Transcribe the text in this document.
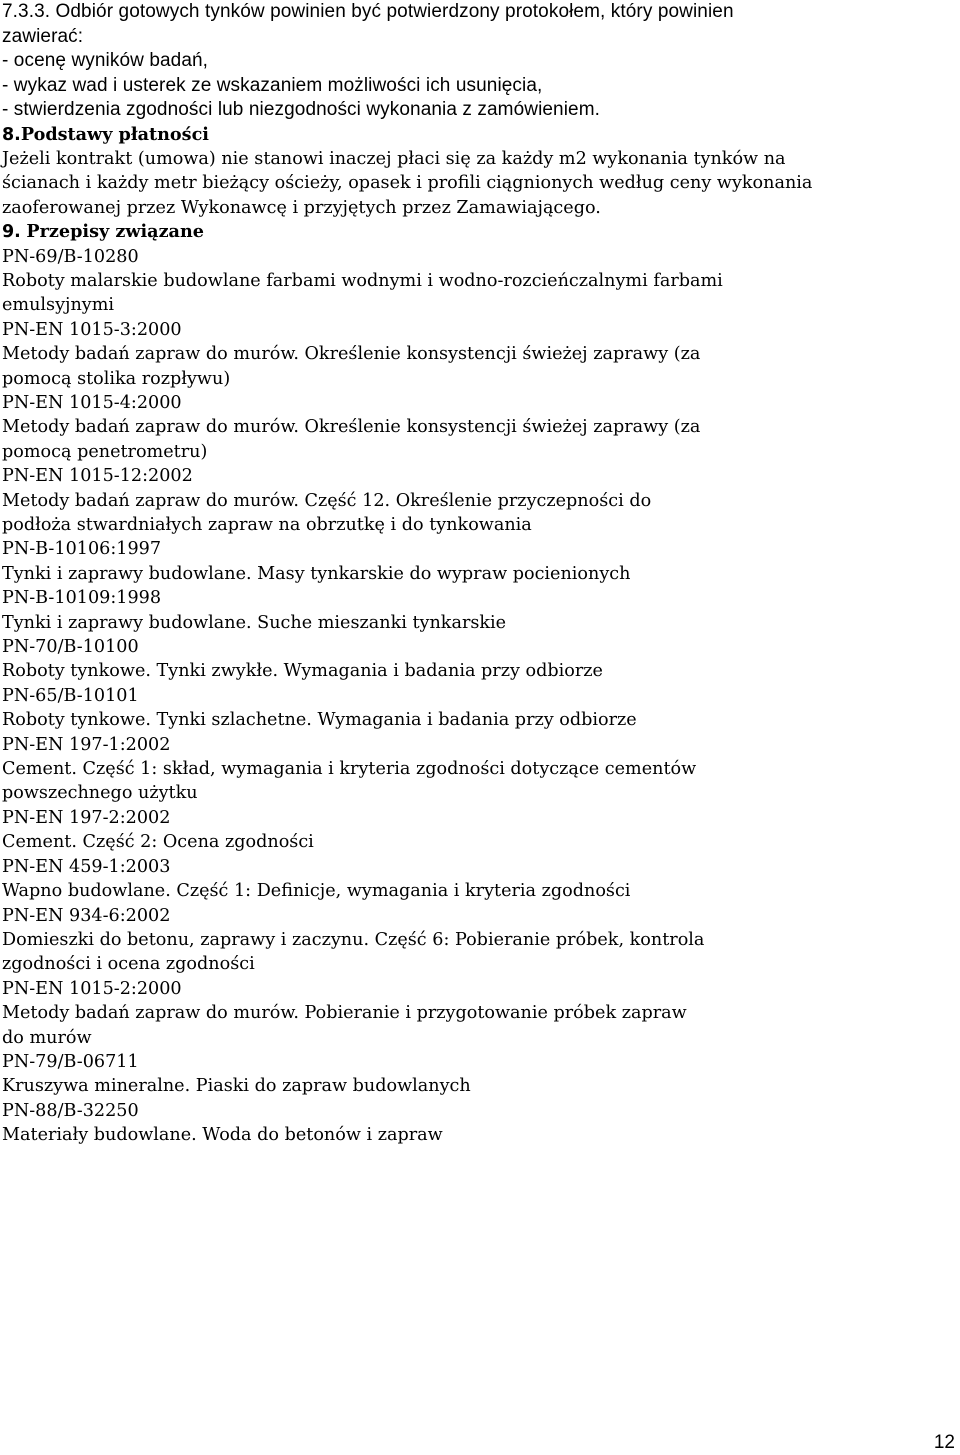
7.3.3. Odbiór gotowych tynków powinien być potwierdzony protokołem, który powinien
zawierać:
- ocenę wyników badań,
- wykaz wad i usterek ze wskazaniem możliwości ich usunięcia,
- stwierdzenia zgodności lub niezgodności wykonania z zamówieniem.
8.Podstawy płatności
Jeżeli kontrakt (umowa) nie stanowi inaczej płaci się za każdy m2 wykonania tynków na
ścianach i każdy metr bieżący ościeży, opasek i profili ciągnionych według ceny wykonania
zaoferowanej przez Wykonawcę i przyjętych przez Zamawiającego.
9. Przepisy związane
PN-69/B-10280
Roboty malarskie budowlane farbami wodnymi i wodno-rozcieńczalnymi farbami
emulsyjnymi
PN-EN 1015-3:2000
Metody badań zapraw do murów. Określenie konsystencji świeżej zaprawy (za
pomocą stolika rozpływu)
PN-EN 1015-4:2000
Metody badań zapraw do murów. Określenie konsystencji świeżej zaprawy (za
pomocą penetrometru)
PN-EN 1015-12:2002
Metody badań zapraw do murów. Część 12. Określenie przyczepności do
podłoża stwardniałych zapraw na obrzutkę i do tynkowania
PN-B-10106:1997
Tynki i zaprawy budowlane. Masy tynkarskie do wypraw pocienionych
PN-B-10109:1998
Tynki i zaprawy budowlane. Suche mieszanki tynkarskie
PN-70/B-10100
Roboty tynkowe. Tynki zwykłe. Wymagania i badania przy odbiorze
PN-65/B-10101
Roboty tynkowe. Tynki szlachetne. Wymagania i badania przy odbiorze
PN-EN 197-1:2002
Cement. Część 1: skład, wymagania i kryteria zgodności dotyczące cementów
powszechnego użytku
PN-EN 197-2:2002
Cement. Część 2: Ocena zgodności
PN-EN 459-1:2003
Wapno budowlane. Część 1: Definicje, wymagania i kryteria zgodności
PN-EN 934-6:2002
Domieszki do betonu, zaprawy i zaczynu. Część 6: Pobieranie próbek, kontrola
zgodności i ocena zgodności
PN-EN 1015-2:2000
Metody badań zapraw do murów. Pobieranie i przygotowanie próbek zapraw
do murów
PN-79/B-06711
Kruszywa mineralne. Piaski do zapraw budowlanych
PN-88/B-32250
Materiały budowlane. Woda do betonów i zapraw
12
